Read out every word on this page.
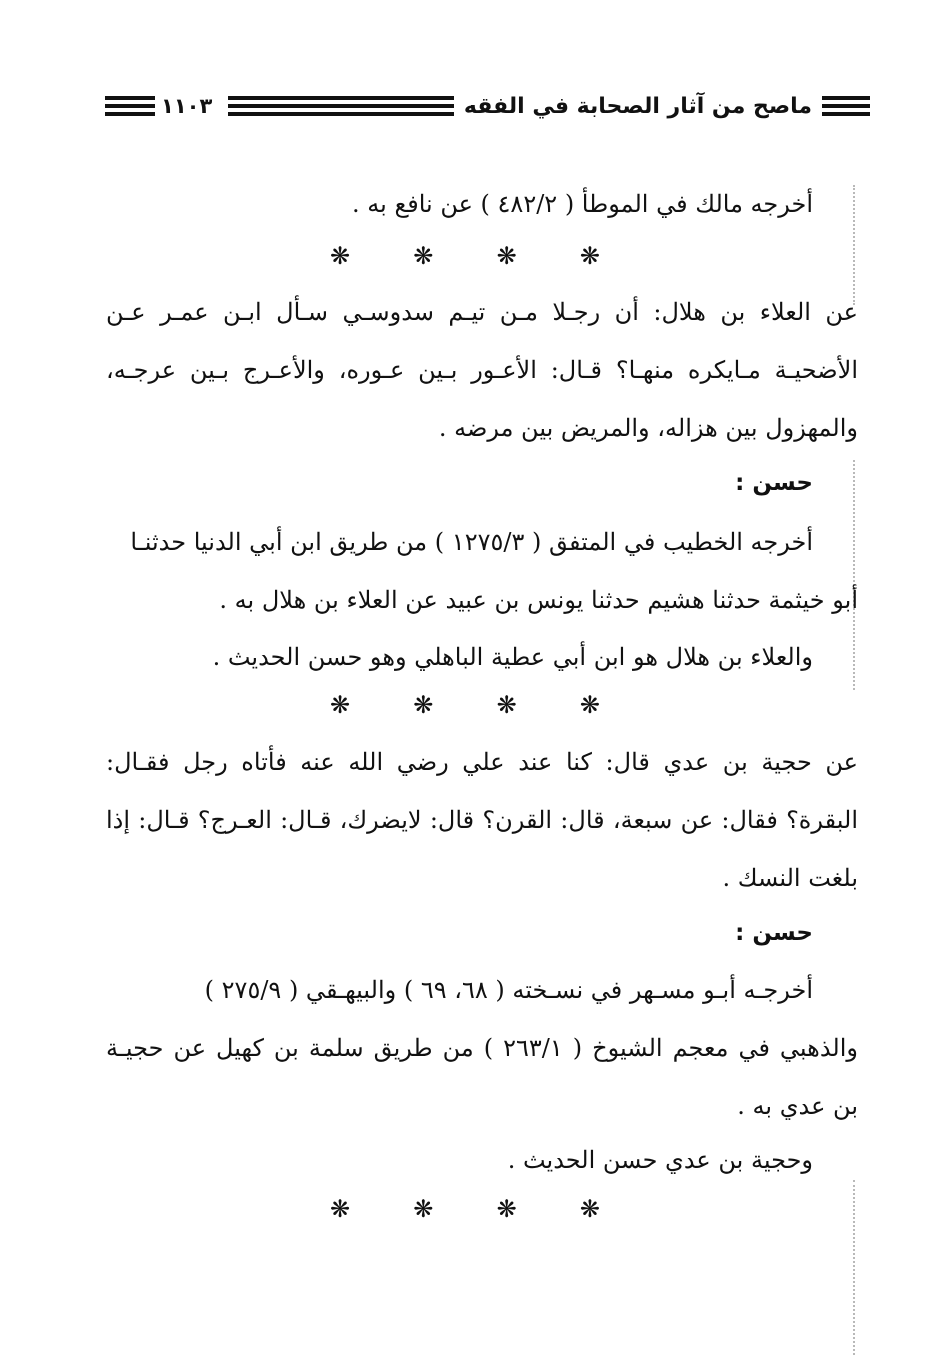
ماصح من آثار الصحابة في الفقه
١١٠٣
أخرجه مالك في الموطأ ( ٤٨٢/٢ ) عن نافع به .
❋	❋	❋	❋
عن العلاء بن هلال: أن رجـلا مـن تيـم سدوسـي سـأل ابـن عمـر عـن
الأضحيـة مـايكره منهـا؟ قـال: الأعـور بـين عـوره، والأعـرج بـين عرجـه،
والمهزول بين هزاله، والمريض بين مرضه .
حسن :
أخرجه الخطيب في المتفق ( ١٢٧٥/٣ ) من طريق ابن أبي الدنيا حدثنـا
أبو خيثمة حدثنا هشيم حدثنا يونس بن عبيد عن العلاء بن هلال به .
والعلاء بن هلال هو ابن أبي عطية الباهلي وهو حسن الحديث .
❋	❋	❋	❋
عن حجية بن عدي قال: كنا عند علي رضي الله عنه فأتاه رجل فقـال:
البقرة؟ فقال: عن سبعة، قال: القرن؟ قال: لايضرك، قـال: العـرج؟ قـال: إذا
بلغت النسك .
حسن :
أخرجـه أبـو مسـهر في نسـخته ( ٦٨، ٦٩ ) والبيهـقي ( ٢٧٥/٩ )
والذهبي في معجم الشيوخ ( ٢٦٣/١ ) من طريق سلمة بن كهيل عن حجيـة
بن عدي به .
وحجية بن عدي حسن الحديث .
❋	❋	❋	❋
